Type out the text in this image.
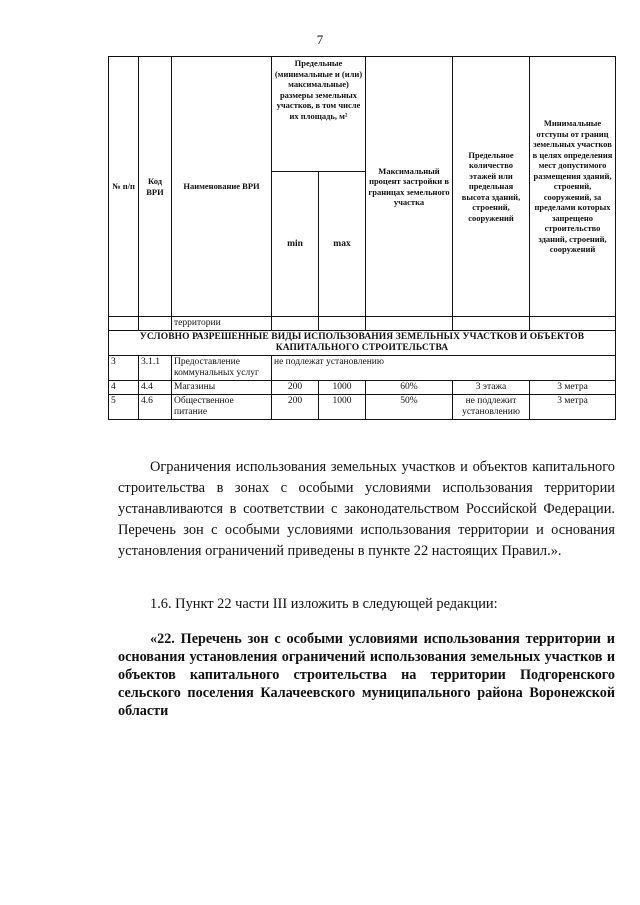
7
№ п/п	Код ВРИ	Наименование ВРИ	Предельные (минимальные и (или) максимальные) размеры земельных участков, в том числе их площадь, м²		Максимальный процент застройки в границах земельного участка	Предельное количество этажей или предельная высота зданий, строений, сооружений	Минимальные отступы от границ земельных участков в целях определения мест допустимого размещения зданий, строений, сооружений, за пределами которых запрещено строительство зданий, строений, сооружений
			min	max			
		территории					
УСЛОВНО РАЗРЕШЕННЫЕ ВИДЫ ИСПОЛЬЗОВАНИЯ ЗЕМЕЛЬНЫХ УЧАСТКОВ И ОБЪЕКТОВ КАПИТАЛЬНОГО СТРОИТЕЛЬСТВА							
3	3.1.1	Предоставление коммунальных услуг	не подлежат установлению				
4	4.4	Магазины	200	1000	60%	3 этажа	3 метра
5	4.6	Общественное питание	200	1000	50%	не подлежит установлению	3 метра
Ограничения использования земельных участков и объектов капитального строительства в зонах с особыми условиями использования территории устанавливаются в соответствии с законодательством Российской Федерации. Перечень зон с особыми условиями использования территории и основания установления ограничений приведены в пункте 22 настоящих Правил.».
1.6. Пункт 22 части III изложить в следующей редакции:
«22. Перечень зон с особыми условиями использования территории и основания установления ограничений использования земельных участков и объектов капитального строительства на территории Подгоренского сельского поселения Калачеевского муниципального района Воронежской области
